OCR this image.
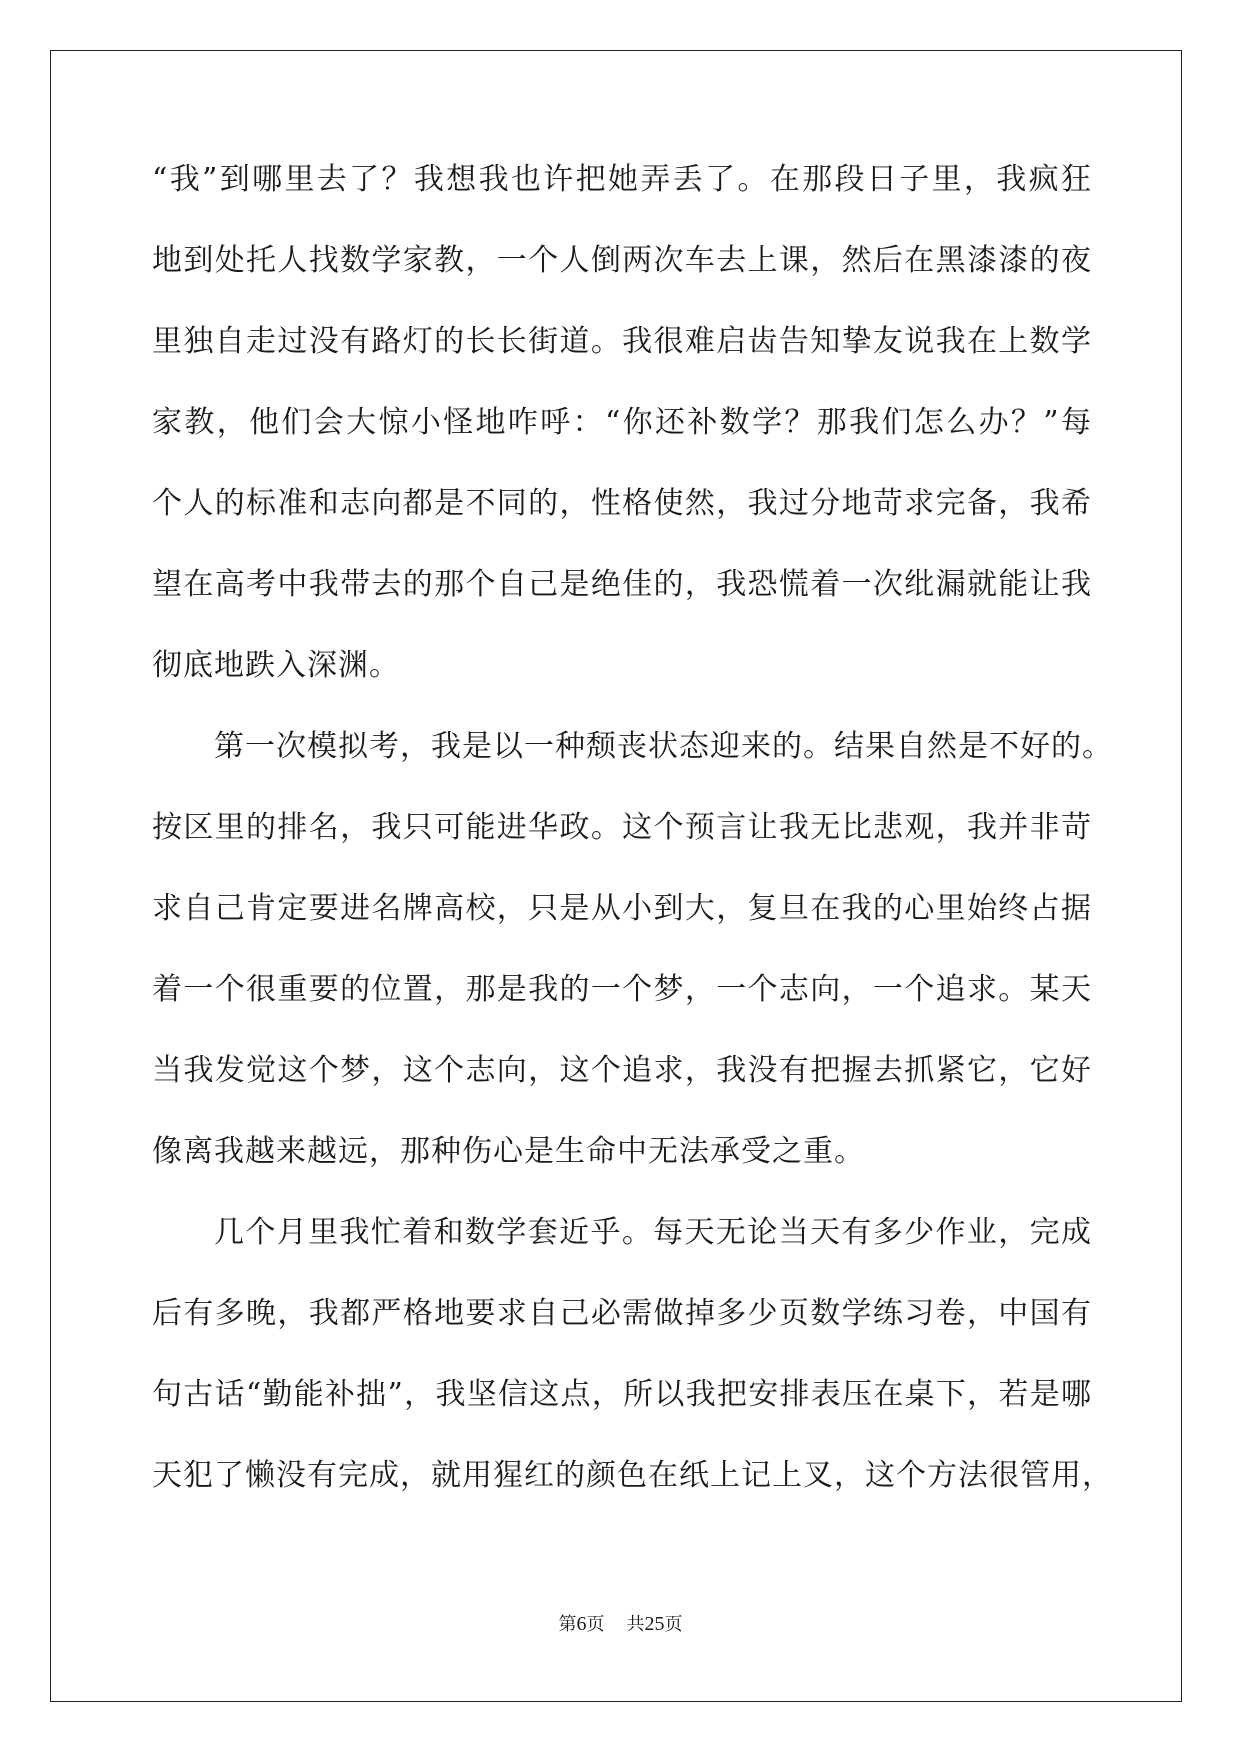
“我”到哪里去了？我想我也许把她弄丢了。在那段日子里，我疯狂
地到处托人找数学家教，一个人倒两次车去上课，然后在黑漆漆的夜
里独自走过没有路灯的长长街道。我很难启齿告知挚友说我在上数学
家教，他们会大惊小怪地咋呼：“你还补数学？那我们怎么办？”每
个人的标准和志向都是不同的，性格使然，我过分地苛求完备，我希
望在高考中我带去的那个自己是绝佳的，我恐慌着一次纰漏就能让我
彻底地跌入深渊。
第一次模拟考，我是以一种颓丧状态迎来的。结果自然是不好的。
按区里的排名，我只可能进华政。这个预言让我无比悲观，我并非苛
求自己肯定要进名牌高校，只是从小到大，复旦在我的心里始终占据
着一个很重要的位置，那是我的一个梦，一个志向，一个追求。某天
当我发觉这个梦，这个志向，这个追求，我没有把握去抓紧它，它好
像离我越来越远，那种伤心是生命中无法承受之重。
几个月里我忙着和数学套近乎。每天无论当天有多少作业，完成
后有多晚，我都严格地要求自己必需做掉多少页数学练习卷，中国有
句古话“勤能补拙”，我坚信这点，所以我把安排表压在桌下，若是哪
天犯了懒没有完成，就用猩红的颜色在纸上记上叉，这个方法很管用，
第6页 共25页
